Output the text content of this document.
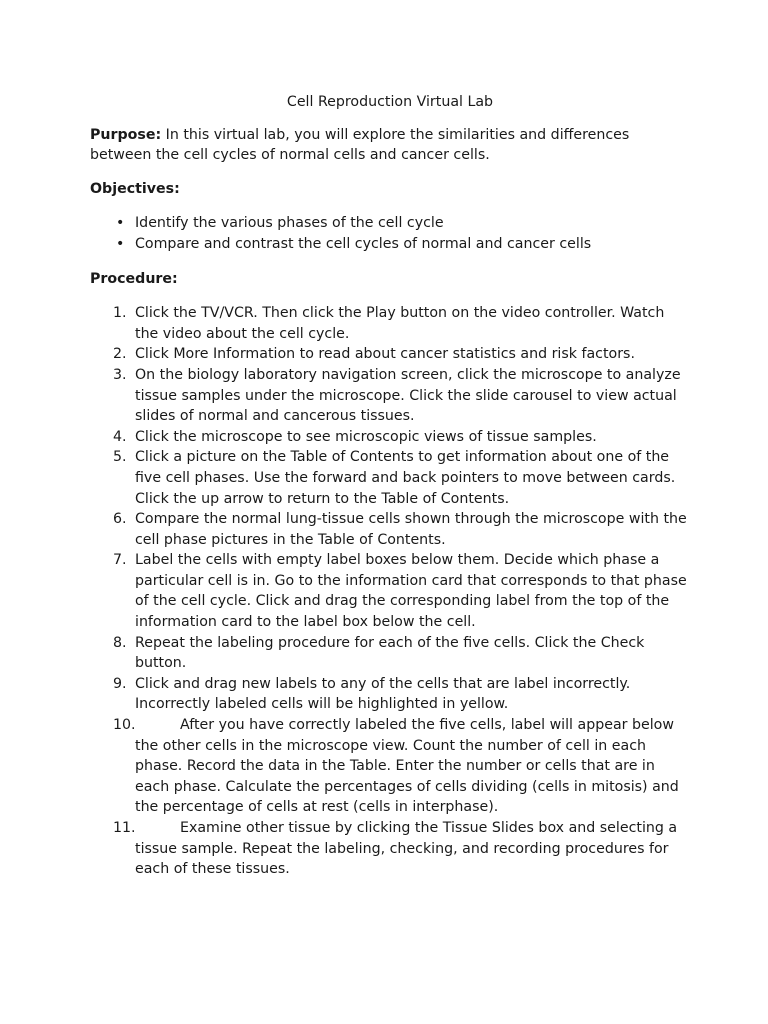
Cell Reproduction Virtual Lab

Purpose: In this virtual lab, you will explore the similarities and differences between the cell cycles of normal cells and cancer cells.

Objectives:

• Identify the various phases of the cell cycle
• Compare and contrast the cell cycles of normal and cancer cells

Procedure:

1. Click the TV/VCR. Then click the Play button on the video controller. Watch the video about the cell cycle.
2. Click More Information to read about cancer statistics and risk factors.
3. On the biology laboratory navigation screen, click the microscope to analyze tissue samples under the microscope. Click the slide carousel to view actual slides of normal and cancerous tissues.
4. Click the microscope to see microscopic views of tissue samples.
5. Click a picture on the Table of Contents to get information about one of the five cell phases. Use the forward and back pointers to move between cards. Click the up arrow to return to the Table of Contents.
6. Compare the normal lung-tissue cells shown through the microscope with the cell phase pictures in the Table of Contents.
7. Label the cells with empty label boxes below them. Decide which phase a particular cell is in. Go to the information card that corresponds to that phase of the cell cycle. Click and drag the corresponding label from the top of the information card to the label box below the cell.
8. Repeat the labeling procedure for each of the five cells. Click the Check button.
9. Click and drag new labels to any of the cells that are label incorrectly. Incorrectly labeled cells will be highlighted in yellow.
10.	After you have correctly labeled the five cells, label will appear below the other cells in the microscope view. Count the number of cell in each phase. Record the data in the Table. Enter the number or cells that are in each phase. Calculate the percentages of cells dividing (cells in mitosis) and the percentage of cells at rest (cells in interphase).
11.	Examine other tissue by clicking the Tissue Slides box and selecting a tissue sample. Repeat the labeling, checking, and recording procedures for each of these tissues.
